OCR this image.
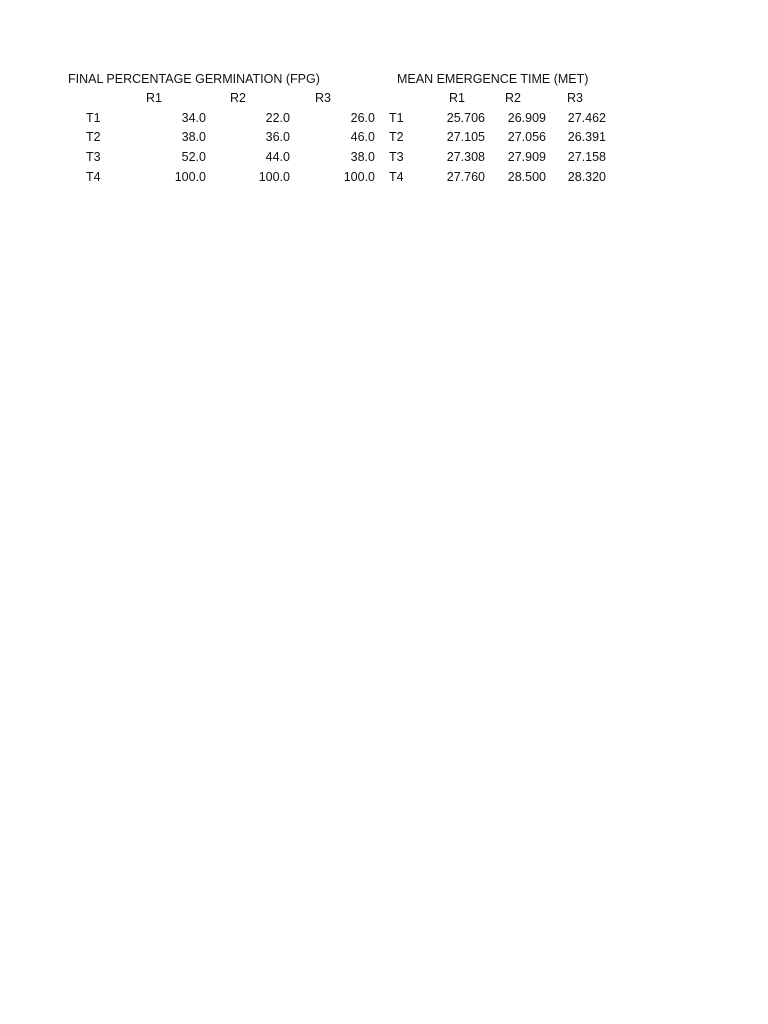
FINAL PERCENTAGE GERMINATION (FPG)
	R1	R2	R3
T1	34.0	22.0	26.0
T2	38.0	36.0	46.0
T3	52.0	44.0	38.0
T4	100.0	100.0	100.0
MEAN EMERGENCE TIME (MET)
	R1	R2	R3
T1	25.706	26.909	27.462
T2	27.105	27.056	26.391
T3	27.308	27.909	27.158
T4	27.760	28.500	28.320
